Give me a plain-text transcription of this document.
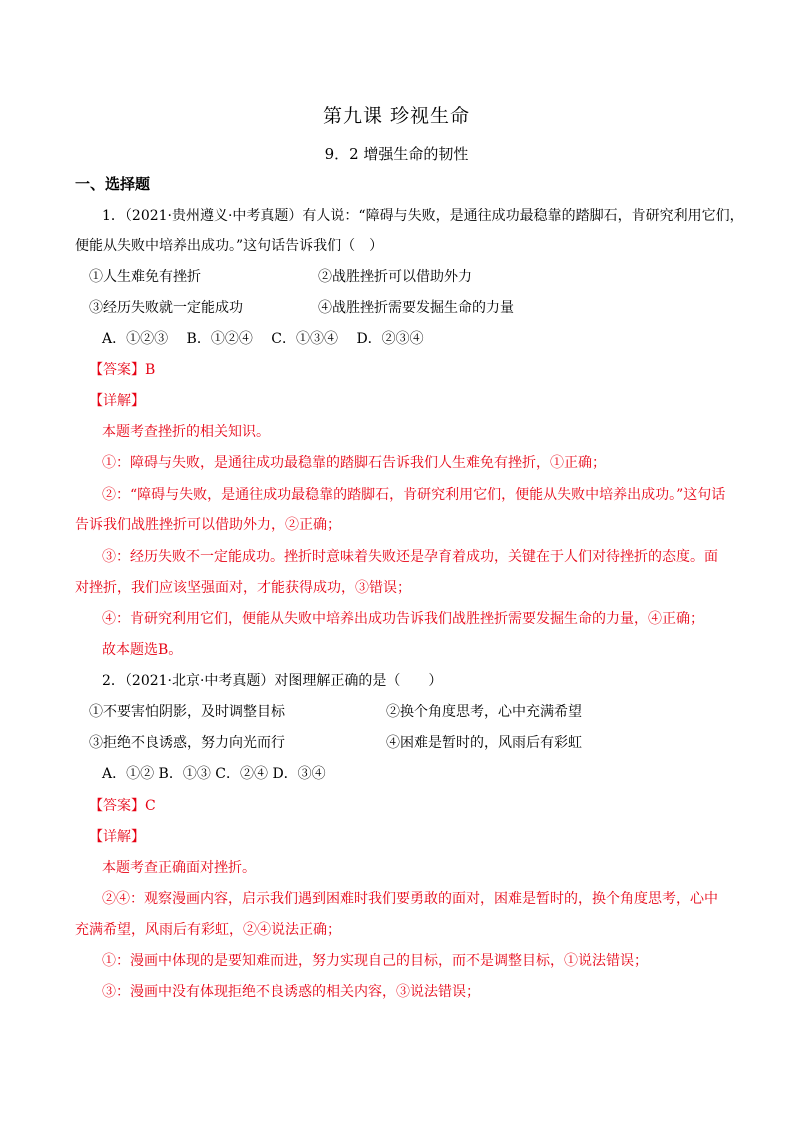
第九课 珍视生命
9．2 增强生命的韧性
一、选择题
1．（2021·贵州遵义·中考真题）有人说：“障碍与失败，是通往成功最稳靠的踏脚石，肯研究利用它们，
便能从失败中培养出成功。”这句话告诉我们（　）
①人生难免有挫折	②战胜挫折可以借助外力
③经历失败就一定能成功	④战胜挫折需要发掘生命的力量
A．①②③　 B．①②④　 C．①③④　 D．②③④
【答案】B
【详解】
本题考查挫折的相关知识。
①：障碍与失败，是通往成功最稳靠的踏脚石告诉我们人生难免有挫折，①正确；
②：“障碍与失败，是通往成功最稳靠的踏脚石，肯研究利用它们，便能从失败中培养出成功。”这句话
告诉我们战胜挫折可以借助外力，②正确；
③：经历失败不一定能成功。挫折时意味着失败还是孕育着成功，关键在于人们对待挫折的态度。面
对挫折，我们应该坚强面对，才能获得成功，③错误；
④：肯研究利用它们，便能从失败中培养出成功告诉我们战胜挫折需要发掘生命的力量，④正确；
故本题选B。
2．（2021·北京·中考真题）对图理解正确的是（　　）
①不要害怕阴影，及时调整目标	②换个角度思考，心中充满希望
③拒绝不良诱惑，努力向光而行	④困难是暂时的，风雨后有彩虹
A．①② B．①③ C．②④ D．③④
【答案】C
【详解】
本题考查正确面对挫折。
②④：观察漫画内容，启示我们遇到困难时我们要勇敢的面对，困难是暂时的，换个角度思考，心中
充满希望，风雨后有彩虹，②④说法正确；
①：漫画中体现的是要知难而进，努力实现自己的目标，而不是调整目标，①说法错误；
③：漫画中没有体现拒绝不良诱惑的相关内容，③说法错误；
